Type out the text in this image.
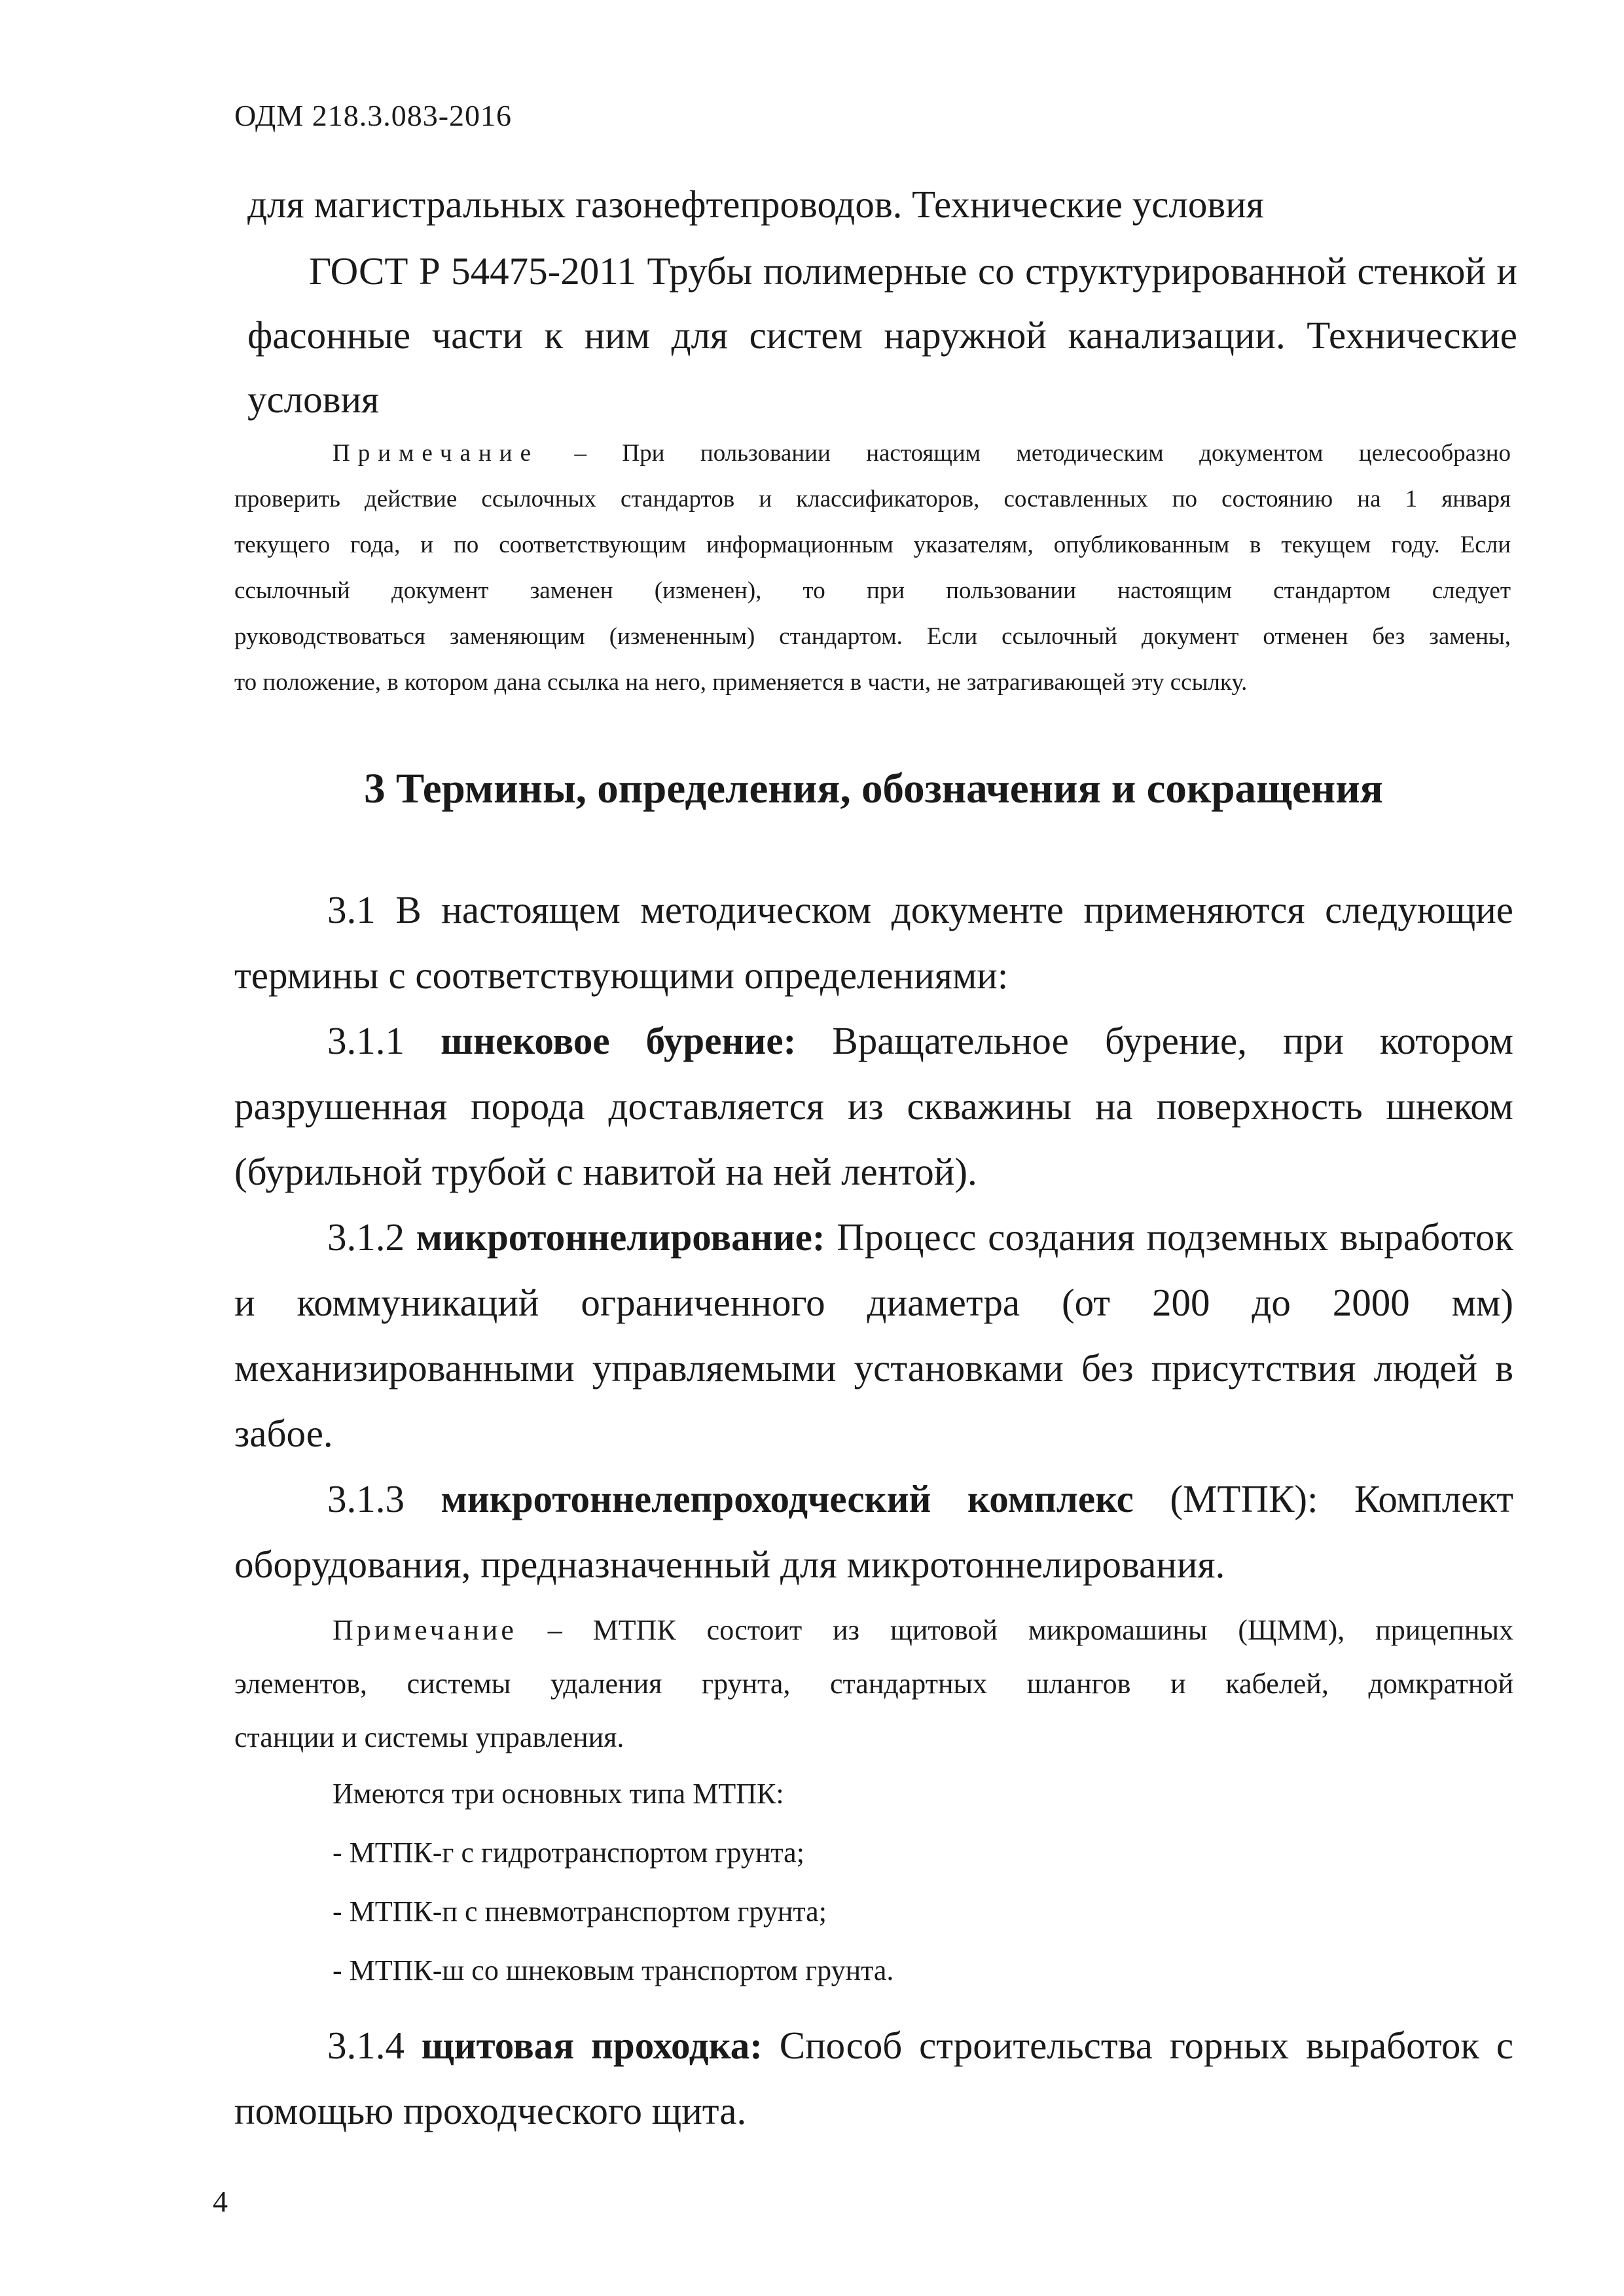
ОДМ 218.3.083-2016
для магистральных газонефтепроводов. Технические условия
ГОСТ Р 54475-2011 Трубы полимерные со структурированной стенкой и
фасонные части к ним для систем наружной канализации. Технические
условия
Примечание – При пользовании настоящим методическим документом целесообразно
проверить действие ссылочных стандартов и классификаторов, составленных по состоянию на 1 января
текущего года, и по соответствующим информационным указателям, опубликованным в текущем году. Если
ссылочный документ заменен (изменен), то при пользовании настоящим стандартом следует
руководствоваться заменяющим (измененным) стандартом. Если ссылочный документ отменен без замены,
то положение, в котором дана ссылка на него, применяется в части, не затрагивающей эту ссылку.
3 Термины, определения, обозначения и сокращения
3.1 В настоящем методическом документе применяются следующие
термины с соответствующими определениями:
3.1.1 шнековое бурение: Вращательное бурение, при котором
разрушенная порода доставляется из скважины на поверхность шнеком
(бурильной трубой с навитой на ней лентой).
3.1.2 микротоннелирование: Процесс создания подземных выработок
и коммуникаций ограниченного диаметра (от 200 до 2000 мм)
механизированными управляемыми установками без присутствия людей в
забое.
3.1.3 микротоннелепроходческий комплекс (МТПК): Комплект
оборудования, предназначенный для микротоннелирования.
Примечание – МТПК состоит из щитовой микромашины (ЩММ), прицепных
элементов, системы удаления грунта, стандартных шлангов и кабелей, домкратной
станции и системы управления.
Имеются три основных типа МТПК:
- МТПК-г с гидротранспортом грунта;
- МТПК-п с пневмотранспортом грунта;
- МТПК-ш со шнековым транспортом грунта.
3.1.4 щитовая проходка: Способ строительства горных выработок с
помощью проходческого щита.
4
